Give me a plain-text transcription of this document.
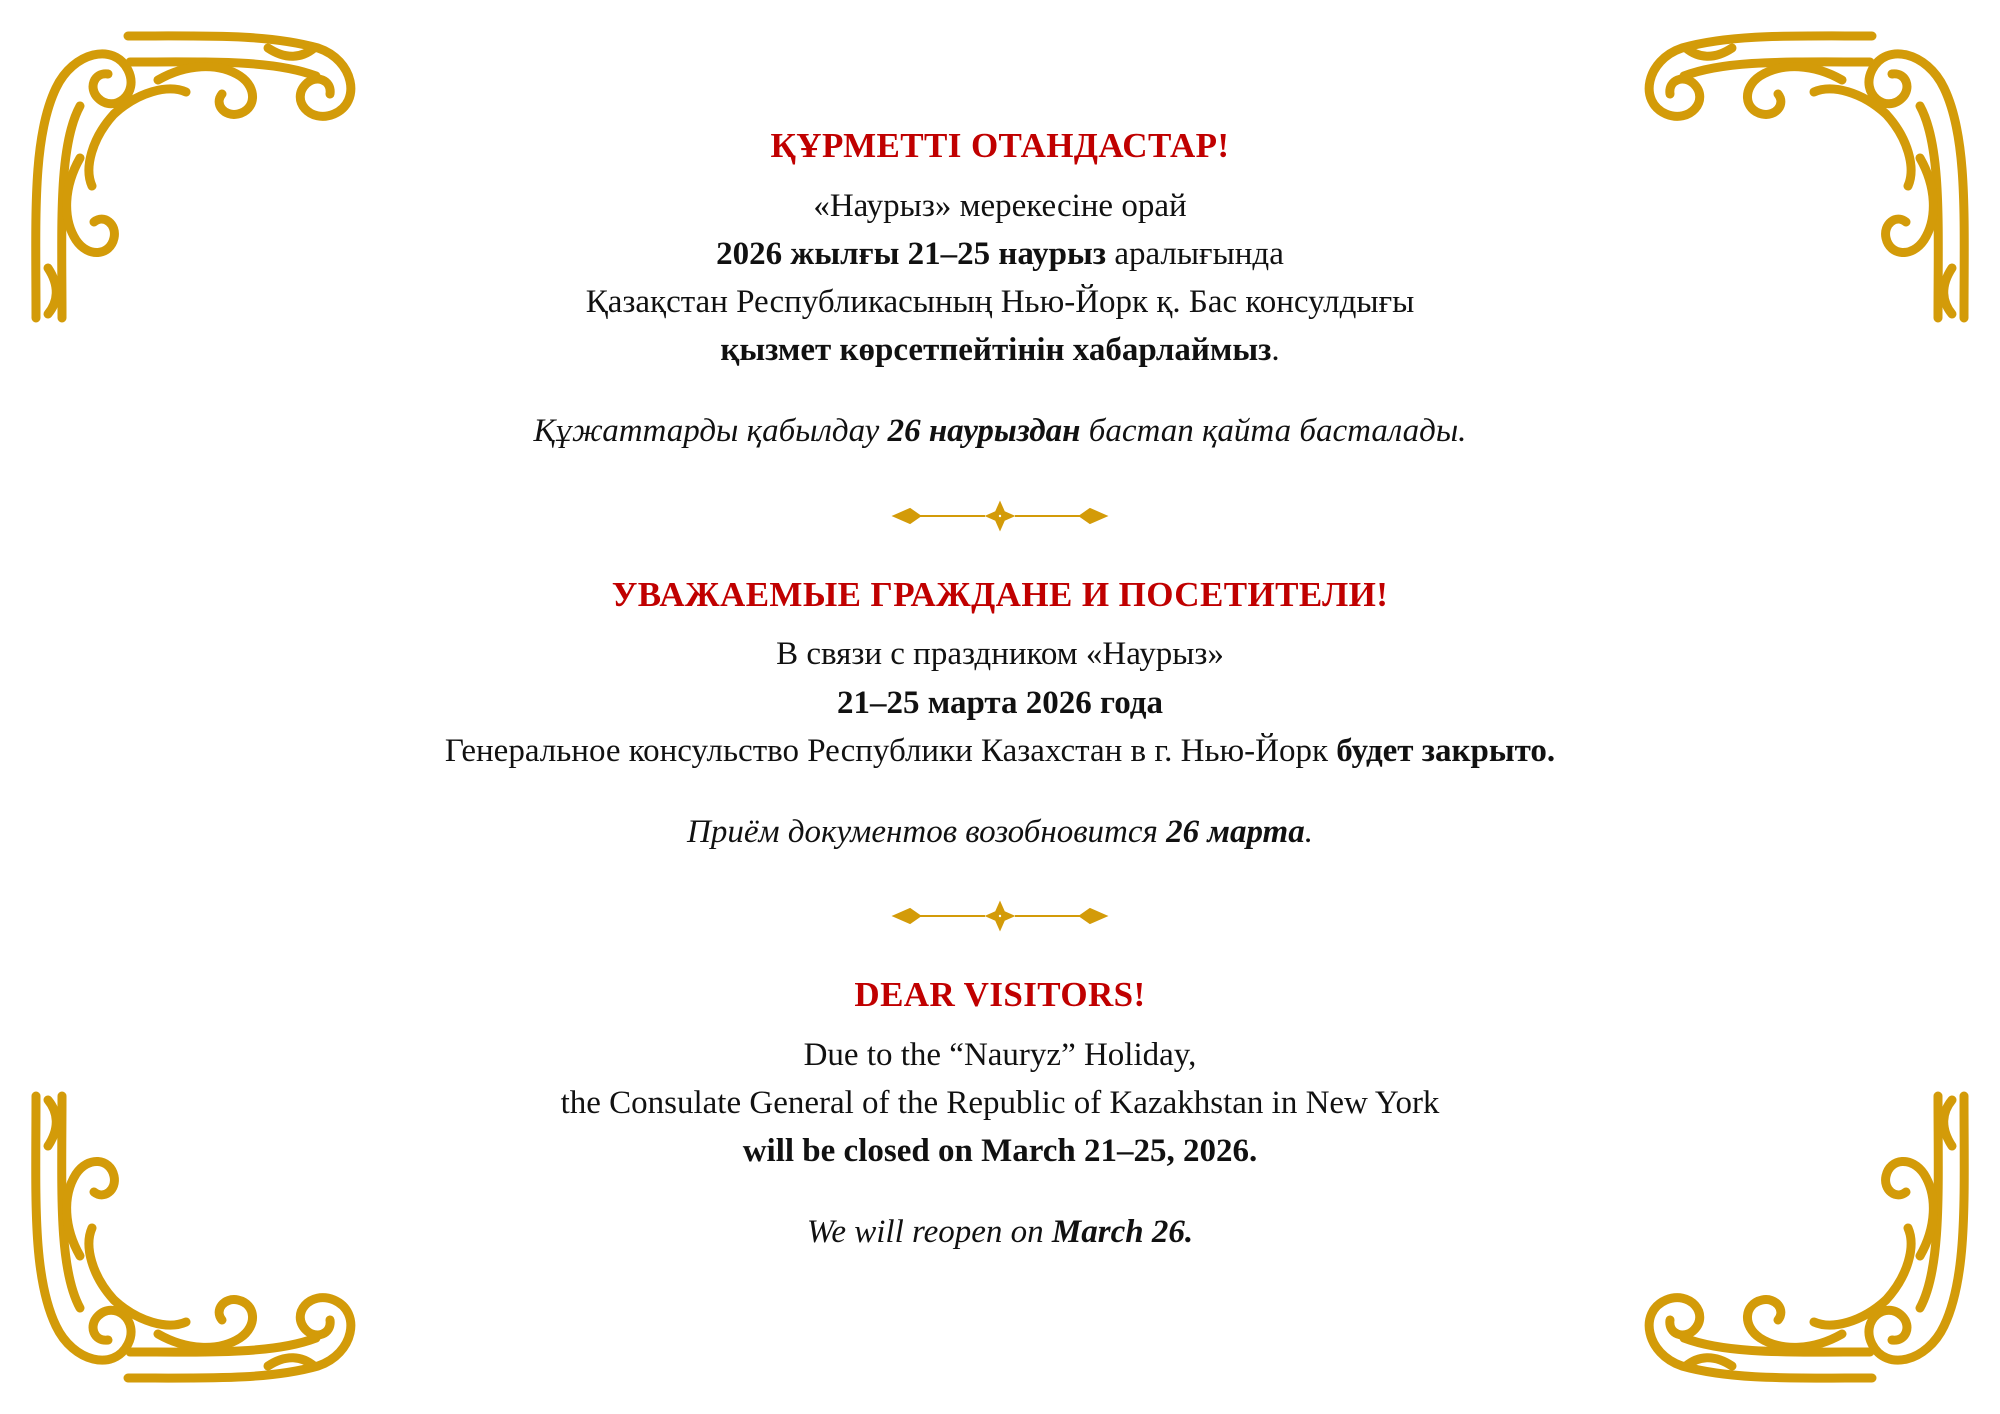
ҚҰРМЕТТІ ОТАНДАСТАР!

«Наурыз» мерекесіне орай

2026 жылғы 21–25 наурыз аралығында

Қазақстан Республикасының Нью-Йорк қ. Бас консулдығы

қызмет көрсетпейтінін хабарлаймыз.

Құжаттарды қабылдау 26 наурыздан бастап қайта басталады.

УВАЖАЕМЫЕ ГРАЖДАНЕ И ПОСЕТИТЕЛИ!

В связи с праздником «Наурыз»

21–25 марта 2026 года

Генеральное консульство Республики Казахстан в г. Нью-Йорк будет закрыто.

Приём документов возобновится 26 марта.

DEAR VISITORS!

Due to the “Nauryz” Holiday,

the Consulate General of the Republic of Kazakhstan in New York

will be closed on March 21–25, 2026.

We will reopen on March 26.
